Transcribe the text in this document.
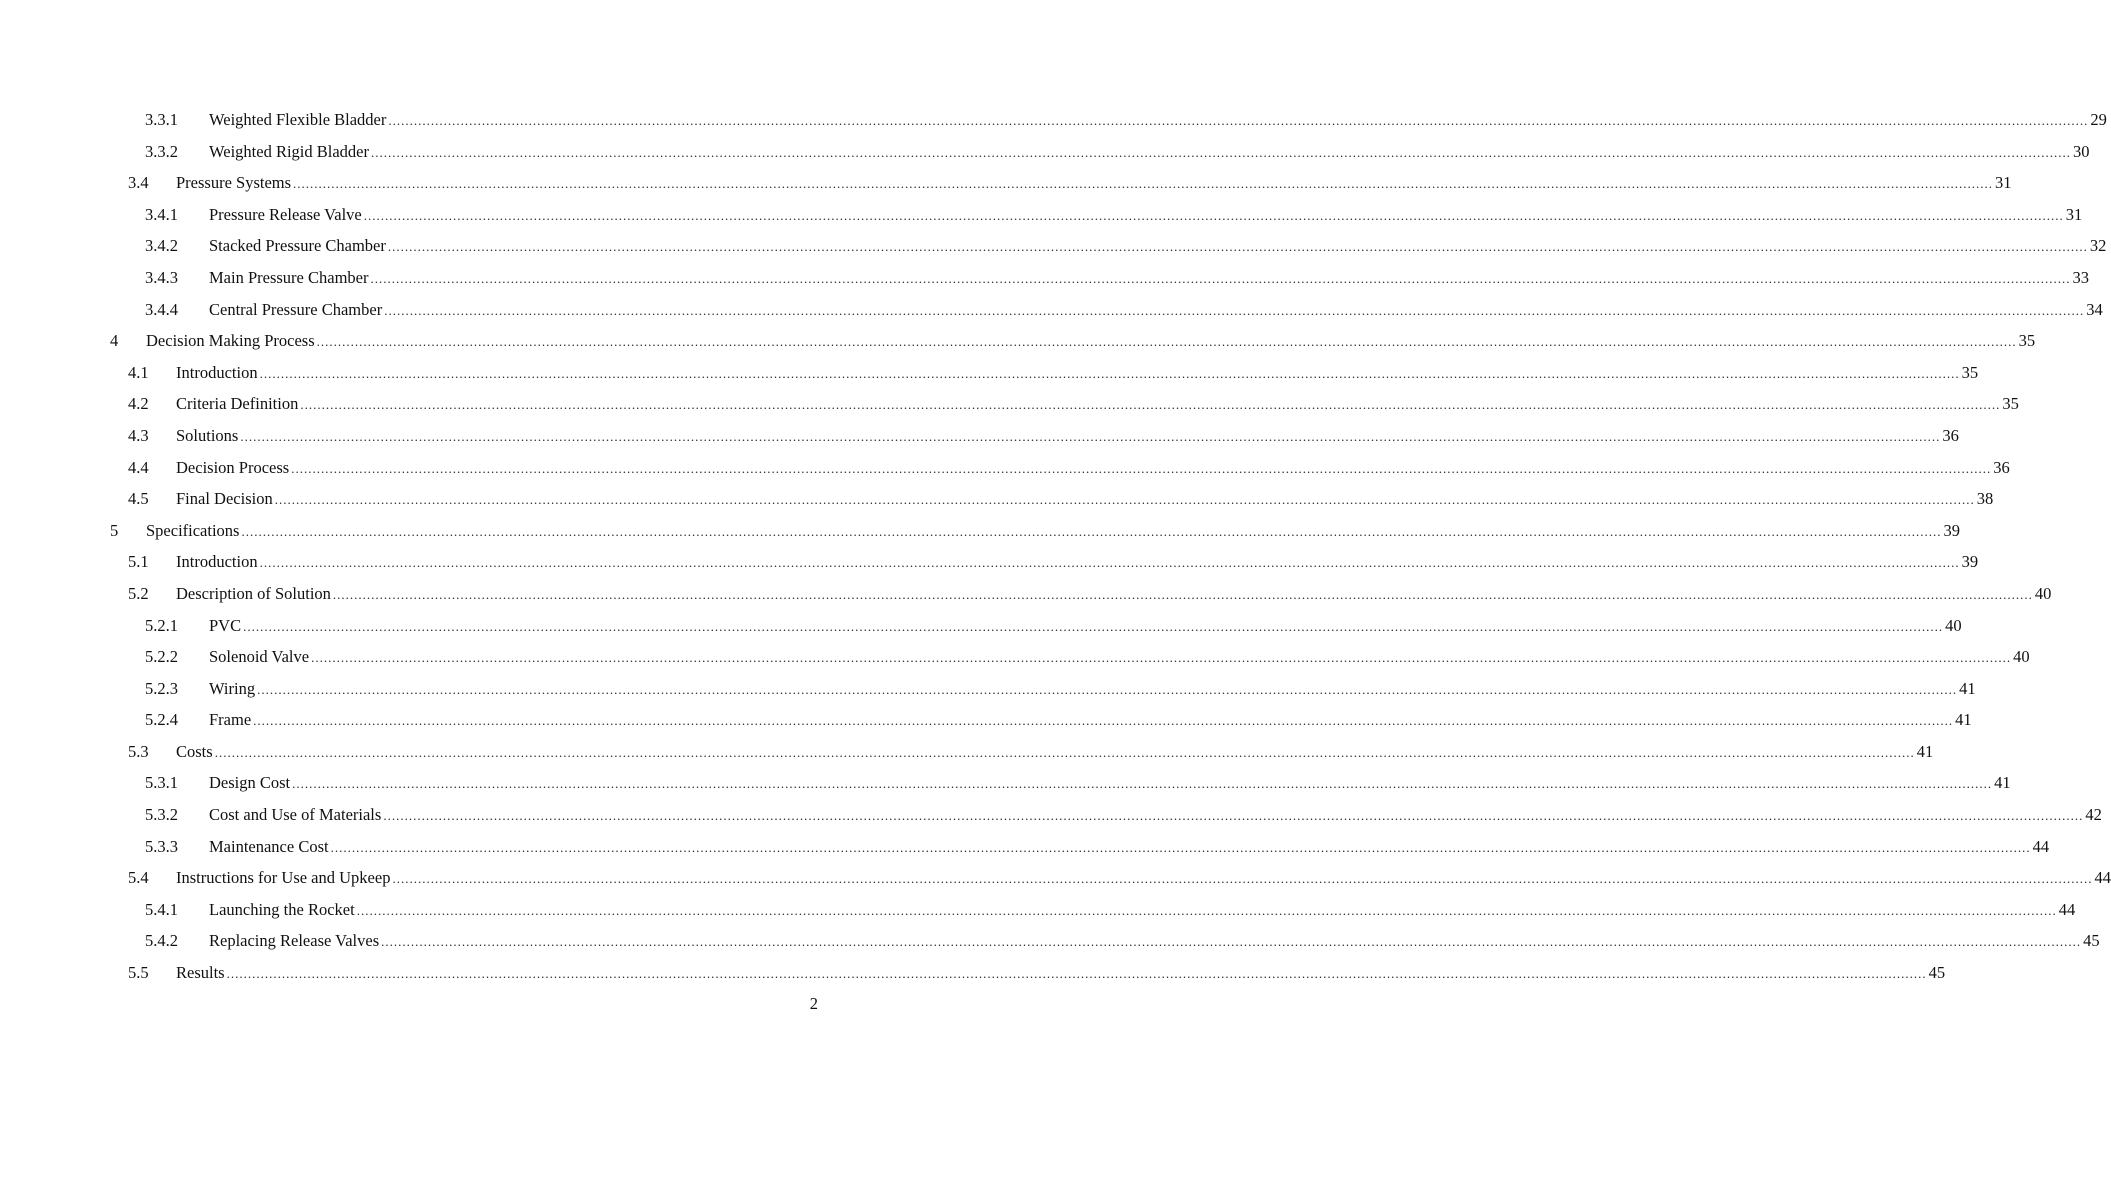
3.3.1 Weighted Flexible Bladder ................................................................................................................................................................................................................................................................................................................................................................................................................ 29
3.3.2 Weighted Rigid Bladder ................................................................................................................................................................................................................................................................................................................................................................................................................ 30
3.4 Pressure Systems ................................................................................................................................................................................................................................................................................................................................................................................................................ 31
3.4.1 Pressure Release Valve ................................................................................................................................................................................................................................................................................................................................................................................................................ 31
3.4.2 Stacked Pressure Chamber ................................................................................................................................................................................................................................................................................................................................................................................................................ 32
3.4.3 Main Pressure Chamber ................................................................................................................................................................................................................................................................................................................................................................................................................ 33
3.4.4 Central Pressure Chamber ................................................................................................................................................................................................................................................................................................................................................................................................................ 34
4 Decision Making Process ................................................................................................................................................................................................................................................................................................................................................................................................................ 35
4.1 Introduction ................................................................................................................................................................................................................................................................................................................................................................................................................ 35
4.2 Criteria Definition ................................................................................................................................................................................................................................................................................................................................................................................................................ 35
4.3 Solutions ................................................................................................................................................................................................................................................................................................................................................................................................................ 36
4.4 Decision Process ................................................................................................................................................................................................................................................................................................................................................................................................................ 36
4.5 Final Decision ................................................................................................................................................................................................................................................................................................................................................................................................................ 38
5 Specifications ................................................................................................................................................................................................................................................................................................................................................................................................................ 39
5.1 Introduction ................................................................................................................................................................................................................................................................................................................................................................................................................ 39
5.2 Description of Solution ................................................................................................................................................................................................................................................................................................................................................................................................................ 40
5.2.1 PVC ................................................................................................................................................................................................................................................................................................................................................................................................................ 40
5.2.2 Solenoid Valve ................................................................................................................................................................................................................................................................................................................................................................................................................ 40
5.2.3 Wiring ................................................................................................................................................................................................................................................................................................................................................................................................................ 41
5.2.4 Frame ................................................................................................................................................................................................................................................................................................................................................................................................................ 41
5.3 Costs ................................................................................................................................................................................................................................................................................................................................................................................................................ 41
5.3.1 Design Cost ................................................................................................................................................................................................................................................................................................................................................................................................................ 41
5.3.2 Cost and Use of Materials ................................................................................................................................................................................................................................................................................................................................................................................................................ 42
5.3.3 Maintenance Cost ................................................................................................................................................................................................................................................................................................................................................................................................................ 44
5.4 Instructions for Use and Upkeep ................................................................................................................................................................................................................................................................................................................................................................................................................ 44
5.4.1 Launching the Rocket ................................................................................................................................................................................................................................................................................................................................................................................................................ 44
5.4.2 Replacing Release Valves ................................................................................................................................................................................................................................................................................................................................................................................................................ 45
5.5 Results ................................................................................................................................................................................................................................................................................................................................................................................................................ 45
2
